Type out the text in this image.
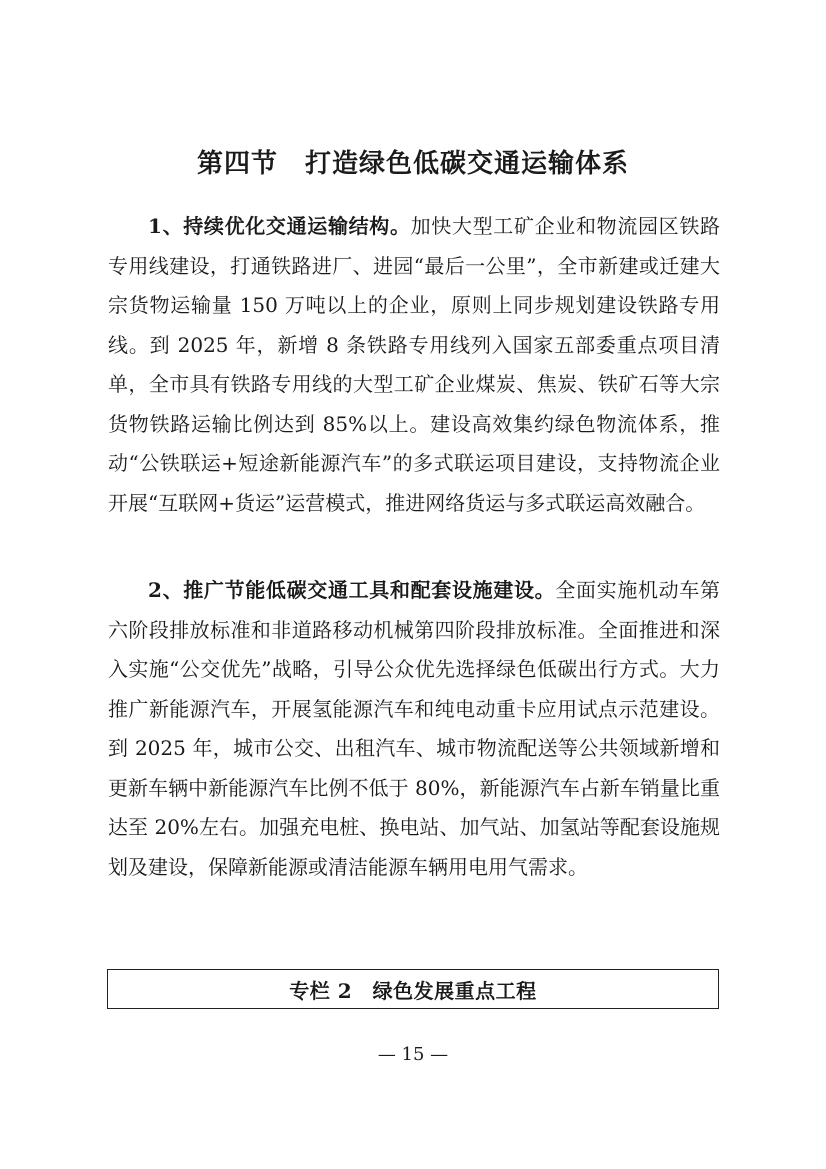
第四节　打造绿色低碳交通运输体系

1、持续优化交通运输结构。加快大型工矿企业和物流园区铁路专用线建设，打通铁路进厂、进园“最后一公里”，全市新建或迁建大宗货物运输量 150 万吨以上的企业，原则上同步规划建设铁路专用线。到 2025 年，新增 8 条铁路专用线列入国家五部委重点项目清单，全市具有铁路专用线的大型工矿企业煤炭、焦炭、铁矿石等大宗货物铁路运输比例达到 85%以上。建设高效集约绿色物流体系，推动“公铁联运+短途新能源汽车”的多式联运项目建设，支持物流企业开展“互联网+货运”运营模式，推进网络货运与多式联运高效融合。

2、推广节能低碳交通工具和配套设施建设。全面实施机动车第六阶段排放标准和非道路移动机械第四阶段排放标准。全面推进和深入实施“公交优先”战略，引导公众优先选择绿色低碳出行方式。大力推广新能源汽车，开展氢能源汽车和纯电动重卡应用试点示范建设。到 2025 年，城市公交、出租汽车、城市物流配送等公共领域新增和更新车辆中新能源汽车比例不低于 80%，新能源汽车占新车销量比重达至 20%左右。加强充电桩、换电站、加气站、加氢站等配套设施规划及建设，保障新能源或清洁能源车辆用电用气需求。

专栏 2　绿色发展重点工程
— 15 —
